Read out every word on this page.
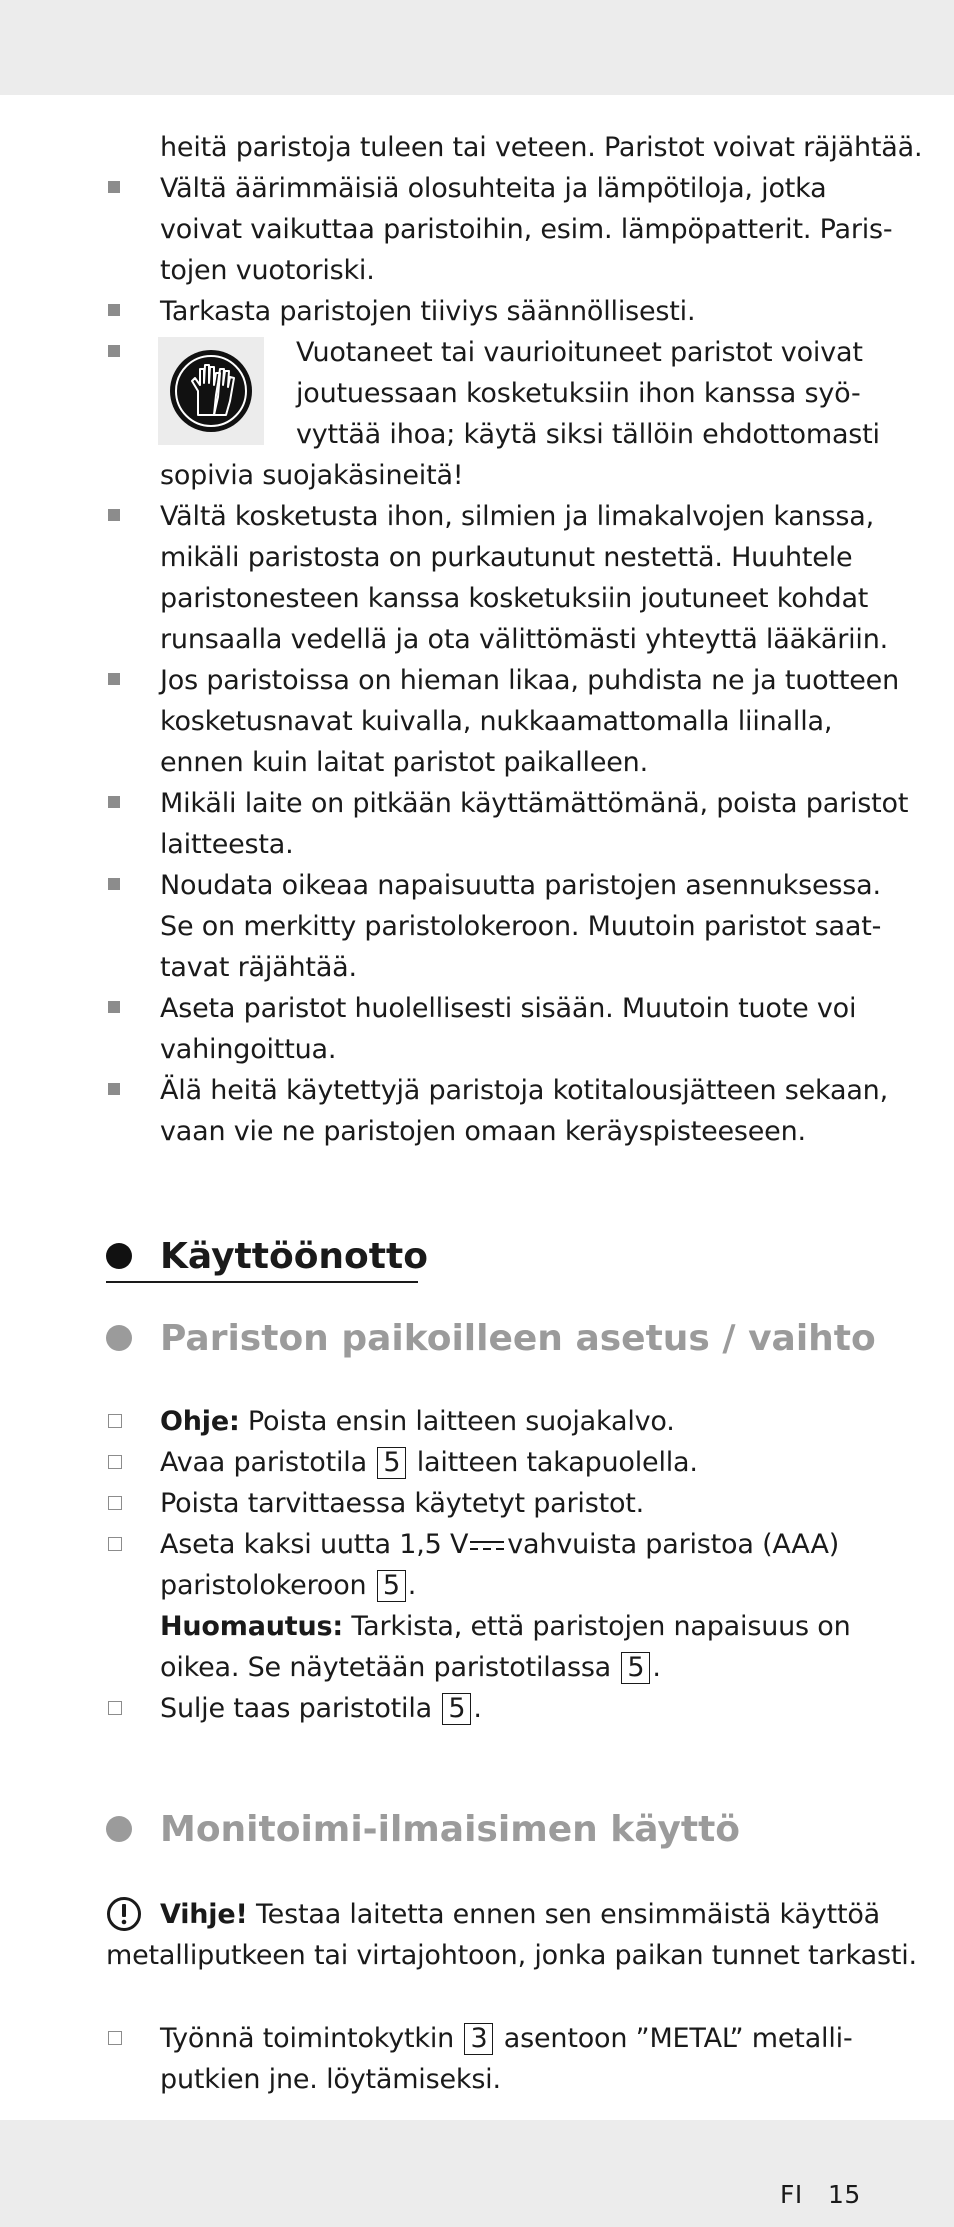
heitä paristoja tuleen tai veteen. Paristot voivat räjähtää.
Vältä äärimmäisiä olosuhteita ja lämpötiloja, jotka
voivat vaikuttaa paristoihin, esim. lämpöpatterit. Paris-
tojen vuotoriski.
Tarkasta paristojen tiiviys säännöllisesti.
Vuotaneet tai vaurioituneet paristot voivat
joutuessaan kosketuksiin ihon kanssa syö-
vyttää ihoa; käytä siksi tällöin ehdottomasti
sopivia suojakäsineitä!
Vältä kosketusta ihon, silmien ja limakalvojen kanssa,
mikäli paristosta on purkautunut nestettä. Huuhtele
paristonesteen kanssa kosketuksiin joutuneet kohdat
runsaalla vedellä ja ota välittömästi yhteyttä lääkäriin.
Jos paristoissa on hieman likaa, puhdista ne ja tuotteen
kosketusnavat kuivalla, nukkaamattomalla liinalla,
ennen kuin laitat paristot paikalleen.
Mikäli laite on pitkään käyttämättömänä, poista paristot
laitteesta.
Noudata oikeaa napaisuutta paristojen asennuksessa.
Se on merkitty paristolokeroon. Muutoin paristot saat-
tavat räjähtää.
Aseta paristot huolellisesti sisään. Muutoin tuote voi
vahingoittua.
Älä heitä käytettyjä paristoja kotitalousjätteen sekaan,
vaan vie ne paristojen omaan keräyspisteeseen.
Käyttöönotto
Pariston paikoilleen asetus / vaihto
Ohje: Poista ensin laitteen suojakalvo.
Avaa paristotila 5 laitteen takapuolella.
Poista tarvittaessa käytetyt paristot.
Aseta kaksi uutta 1,5 V vahvuista paristoa (AAA)
paristolokeroon 5 .
Huomautus: Tarkista, että paristojen napaisuus on
oikea. Se näytetään paristotilassa 5 .
Sulje taas paristotila 5 .
Monitoimi-ilmaisimen käyttö
Vihje! Testaa laitetta ennen sen ensimmäistä käyttöä
metalliputkeen tai virtajohtoon, jonka paikan tunnet tarkasti.
Työnnä toimintokytkin 3 asentoon ”METAL” metalli-
putkien jne. löytämiseksi.
FI 15
